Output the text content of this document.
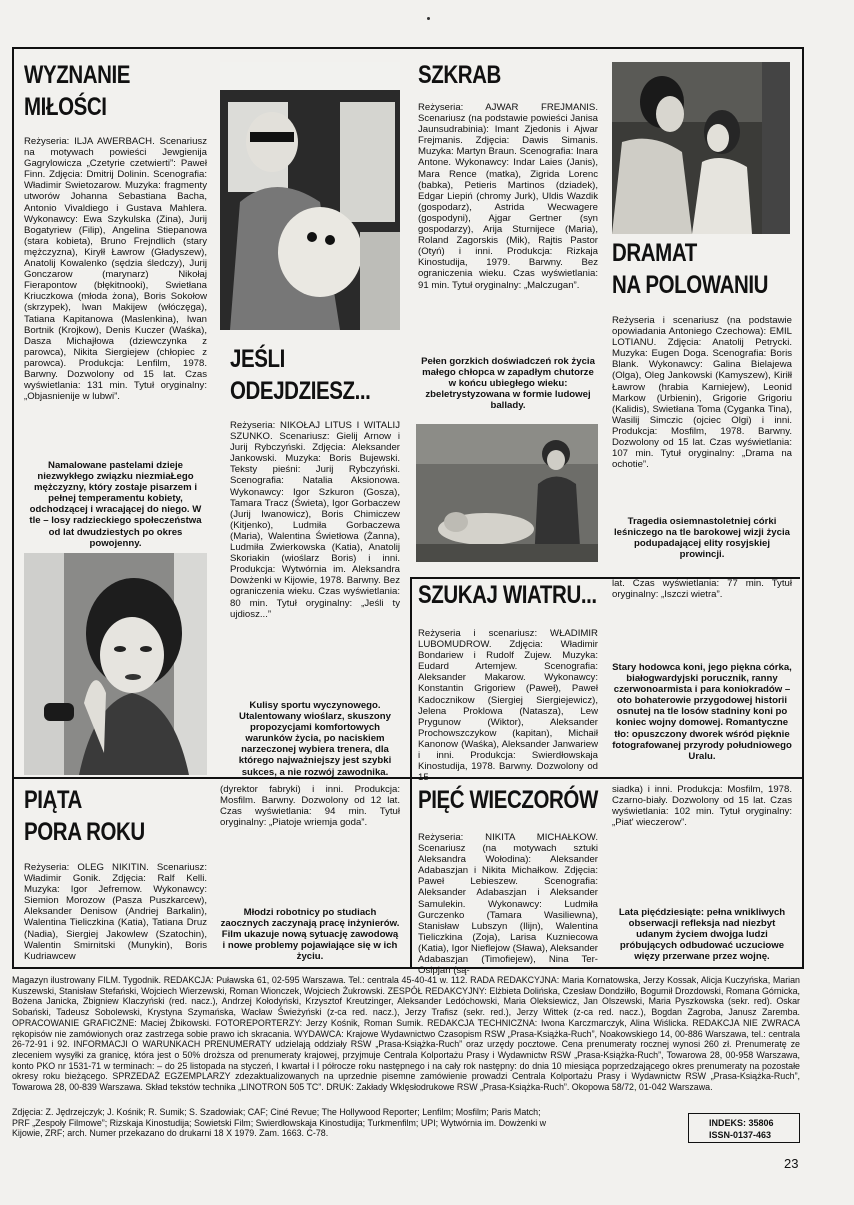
WYZNANIE
MIŁOŚCI

Reżyseria: ILJA AWERBACH. Scenariusz na motywach powieści Jewgienija Gagrylowicza „Czetyrie czetwierti”: Paweł Finn. Zdjęcia: Dmitrij Dolinin. Scenografia: Władimir Swietozarow. Muzyka: fragmenty utworów Johanna Sebastiana Bacha, Antonio Vivaldiego i Gustava Mahlera. Wykonawcy: Ewa Szykulska (Zina), Jurij Bogatyriew (Filip), Angelina Stiepanowa (stara kobieta), Bruno Frejndlich (stary mężczyzna), Kiryłł Ławrow (Gładyszew), Anatolij Kowalenko (sędzia śledczy), Jurij Gonczarow (marynarz) Nikołaj Fierapontow (błękitnooki), Swietłana Kriuczkowa (młoda żona), Boris Sokołow (skrzypek), Iwan Makijew (włóczęga), Tatiana Kapitanowa (Maslenkina), Iwan Bortnik (Krojkow), Denis Kuczer (Waśka), Dasza Michajłowa (dziewczynka z parowca), Nikita Siergiejew (chłopiec z parowca). Produkcja: Lenfilm, 1978. Barwny. Dozwolony od 15 lat. Czas wyświetlania: 131 min. Tytuł oryginalny: „Objasnienije w lubwi”.

Namalowane pastelami dzieje niezwykłego związku niezmiaŁego mężczyzny, który zostaje pisarzem i pełnej temperamentu kobiety, odchodzącej i wracającej do niego. W tle – losy radzieckiego społeczeństwa od lat dwudziestych po okres powojenny.

JEŚLI
ODEJDZIESZ...

Reżyseria: NIKOŁAJ LITUS I WITALIJ SZUNKO. Scenariusz: Gielij Arnow i Jurij Rybczyński. Zdjęcia: Aleksander Jankowski. Muzyka: Boris Bujewski. Teksty pieśni: Jurij Rybczyński. Scenografia: Natalia Aksionowa. Wykonawcy: Igor Szkuron (Gosza), Tamara Tracz (Świeta), Igor Gorbaczew (Jurij Iwanowicz), Boris Chimiczew (Kitjenko), Ludmiła Gorbaczewa (Maria), Walentina Świetłowa (Żanna), Ludmiła Zwierkowska (Katia), Anatolij Skoriakin (wioślarz Boris) i inni. Produkcja: Wytwórnia im. Aleksandra Dowżenki w Kijowie, 1978. Barwny. Bez ograniczenia wieku. Czas wyświetlania: 80 min. Tytuł oryginalny: „Jeśli ty ujdiosz...”

Kulisy sportu wyczynowego. Utalentowany wioślarz, skuszony propozycjami komfortowych warunków życia, po naciskiem narzeczonej wybiera trenera, dla którego najważniejszy jest szybki sukces, a nie rozwój zawodnika.

SZKRAB

Reżyseria: AJWAR FREJMANIS. Scenariusz (na podstawie powieści Janisa Jaunsudrabinia): Imant Zjedonis i Ajwar Frejmanis. Zdjęcia: Dawis Simanis. Muzyka: Martyn Braun. Scenografia: Inara Antone. Wykonawcy: Indar Laies (Janis), Mara Rence (matka), Zigrida Lorenc (babka), Petieris Martinos (dziadek), Edgar Liepiń (chromy Jurk), Uldis Wazdik (gospodarz), Astrida Wecwagere (gospodyni), Ajgar Gertner (syn gospodarzy), Arija Sturnijece (Maria), Roland Zagorskis (Mik), Rajtis Pastor (Otyń) i inni. Produkcja: Rizkaja Kinostudija, 1979. Barwny. Bez ograniczenia wieku. Czas wyświetlania: 91 min. Tytuł oryginalny: „Malczugan”.

Pełen gorzkich doświadczeń rok życia małego chłopca w zapadłym chutorze w końcu ubiegłego wieku: zbeletrystyzowana w formie ludowej ballady.

DRAMAT
NA POLOWANIU

Reżyseria i scenariusz (na podstawie opowiadania Antoniego Czechowa): EMIL LOTIANU. Zdjęcia: Anatolij Petrycki. Muzyka: Eugen Doga. Scenografia: Boris Blank. Wykonawcy: Galina Bielajewa (Olga), Oleg Jankowski (Kamyszew), Kiriłł Ławrow (hrabia Karniejew), Leonid Markow (Urbienin), Grigorie Grigoriu (Kalidis), Swietłana Toma (Cyganka Tina), Wasilij Simczic (ojciec Olgi) i inni. Produkcja: Mosfilm, 1978. Barwny. Dozwolony od 15 lat. Czas wyświetlania: 107 min. Tytuł oryginalny: „Drama na ochotie”.

Tragedia osiemnastoletniej córki leśniczego na tle barokowej wizji życia podupadającej elity rosyjskiej prowincji.

SZUKAJ WIATRU...

Reżyseria i scenariusz: WŁADIMIR LUBOMUDROW. Zdjęcia: Władimir Bondariew i Rudolf Zujew. Muzyka: Eudard Artemjew. Scenografia: Aleksander Makarow. Wykonawcy: Konstantin Grigoriew (Paweł), Paweł Kadocznikow (Siergiej Siergiejewicz), Jelena Proklowa (Natasza), Lew Prygunow (Wiktor), Aleksander Prochowszczykow (kapitan), Michaił Kanonow (Waśka), Aleksander Janwariew i inni. Produkcja: Swierdłowskaja Kinostudija, 1978. Barwny. Dozwolony od 15

lat. Czas wyświetlania: 77 min. Tytuł oryginalny: „Iszczi wietra”.

Stary hodowca koni, jego piękna córka, białogwardyjski porucznik, ranny czerwonoarmista i para koniokradów – oto bohaterowie przygodowej historii osnutej na tle losów stadniny koni po koniec wojny domowej. Romantyczne tło: opuszczony dworek wśród pięknie fotografowanej przyrody południowego Uralu.

PIĄTA
PORA ROKU

Reżyseria: OLEG NIKITIN. Scenariusz: Władimir Gonik. Zdjęcia: Ralf Kelli. Muzyka: Igor Jefremow. Wykonawcy: Siemion Morozow (Pasza Puszkarcew), Aleksander Denisow (Andriej Barkalin), Walentina Tieliczkina (Katia), Tatiana Druz (Nadia), Siergiej Jakowlew (Szatochin), Walentin Smirnitski (Munykin), Boris Kudriawcew

(dyrektor fabryki) i inni. Produkcja: Mosfilm. Barwny. Dozwolony od 12 lat. Czas wyświetlania: 94 min. Tytuł oryginalny: „Piatoje wriemja goda”.

Młodzi robotnicy po studiach zaocznych zaczynają pracę inżynierów. Film ukazuje nową sytuację zawodową i nowe problemy pojawiające się w ich życiu.

PIĘĆ WIECZORÓW

Reżyseria: NIKITA MICHAŁKOW. Scenariusz (na motywach sztuki Aleksandra Wołodina): Aleksander Adabaszjan i Nikita Michałkow. Zdjęcia: Paweł Lebieszew. Scenografia: Aleksander Adabaszjan i Aleksander Samulekin. Wykonawcy: Ludmiła Gurczenko (Tamara Wasiliewna), Stanisław Lubszyn (Ilijn), Walentina Tieliczkina (Zoja), Larisa Kuzniecowa (Katia), Igor Nieflejow (Sława), Aleksander Adabaszjan (Timofiejew), Nina Ter-Osipjan (są-

siadka) i inni. Produkcja: Mosfilm, 1978. Czarno-biały. Dozwolony od 15 lat. Czas wyświetlania: 102 min. Tytuł oryginalny: „Piat' wieczerow”.

Lata pięćdziesiąte: pełna wnikliwych obserwacji refleksja nad niezbyt udanym życiem dwojga ludzi próbujących odbudować uczuciowe więzy przerwane przez wojnę.

Magazyn ilustrowany FILM. Tygodnik. REDAKCJA: Puławska 61, 02-595 Warszawa. Tel.: centrala 45-40-41 w. 112. RADA REDAKCYJNA: Maria Kornatowska, Jerzy Kossak, Alicja Kuczyńska, Marian Kuszewski, Stanisław Stefański, Wojciech Wierzewski, Roman Wionczek, Wojciech Żukrowski. ZESPÓŁ REDAKCYJNY: Elżbieta Dolińska, Czesław Dondziłło, Bogumił Drozdowski, Romana Górnicka, Bożena Janicka, Zbigniew Klaczyński (red. nacz.), Andrzej Kołodyński, Krzysztof Kreutzinger, Aleksander Ledóchowski, Maria Oleksiewicz, Jan Olszewski, Maria Pyszkowska (sekr. red). Oskar Sobański, Tadeusz Sobolewski, Krystyna Szymańska, Wacław Świeżyński (z-ca red. nacz.), Jerzy Trafisz (sekr. red.), Jerzy Wittek (z-ca red. nacz.), Bogdan Zagroba, Janusz Zaremba. OPRACOWANIE GRAFICZNE: Maciej Żbikowski. FOTOREPORTERZY: Jerzy Kośnik, Roman Sumik. REDAKCJA TECHNICZNA: Iwona Karczmarczyk, Alina Wiślicka. REDAKCJA NIE ZWRACA rękopisów nie zamówionych oraz zastrzega sobie prawo ich skracania. WYDAWCA: Krajowe Wydawnictwo Czasopism RSW „Prasa-Książka-Ruch”, Noakowskiego 14, 00-886 Warszawa, tel.: centrala 26-72-91 i 92. INFORMACJI O WARUNKACH PRENUMERATY udzielają oddziały RSW „Prasa-Książka-Ruch” oraz urzędy pocztowe. Cena prenumeraty rocznej wynosi 260 zł. Prenumeratę ze zleceniem wysyłki za granicę, która jest o 50% droższa od prenumeraty krajowej, przyjmuje Centrala Kolportażu Prasy i Wydawnictw RSW „Prasa-Książka-Ruch”, Towarowa 28, 00-958 Warszawa, konto PKO nr 1531-71 w terminach: – do 25 listopada na styczeń, I kwartał i I półrocze roku następnego i na cały rok następny: do dnia 10 miesiąca poprzedzającego okres prenumeraty na pozostałe okresy roku bieżącego. SPRZEDAŻ EGZEMPLARZY zdezaktualizowanych na uprzednie pisemne zamówienie prowadzi Centrala Kolportażu Prasy i Wydawnictw RSW „Prasa-Książka-Ruch”, Towarowa 28, 00-839 Warszawa. Skład tekstów technika „LINOTRON 505 TC”. DRUK: Zakłady Wklęsłodrukowe RSW „Prasa-Książka-Ruch”. Okopowa 58/72, 01-042 Warszawa.

Zdjęcia: Z. Jędrzejczyk; J. Kośnik; R. Sumik; S. Szadowiak; CAF; Ciné Revue; The Hollywood Reporter; Lenfilm; Mosfilm; Paris Match; PRF „Zespoły Filmowe”; Rizskaja Kinostudija; Sowietski Film; Swierdłowskaja Kinostudija; Turkmenfilm; UPI; Wytwórnia im. Dowżenki w Kijowie, ZRF; arch. Numer przekazano do drukarni 18 X 1979. Zam. 1663. C-78.

INDEKS: 35806
ISSN-0137-463
23
